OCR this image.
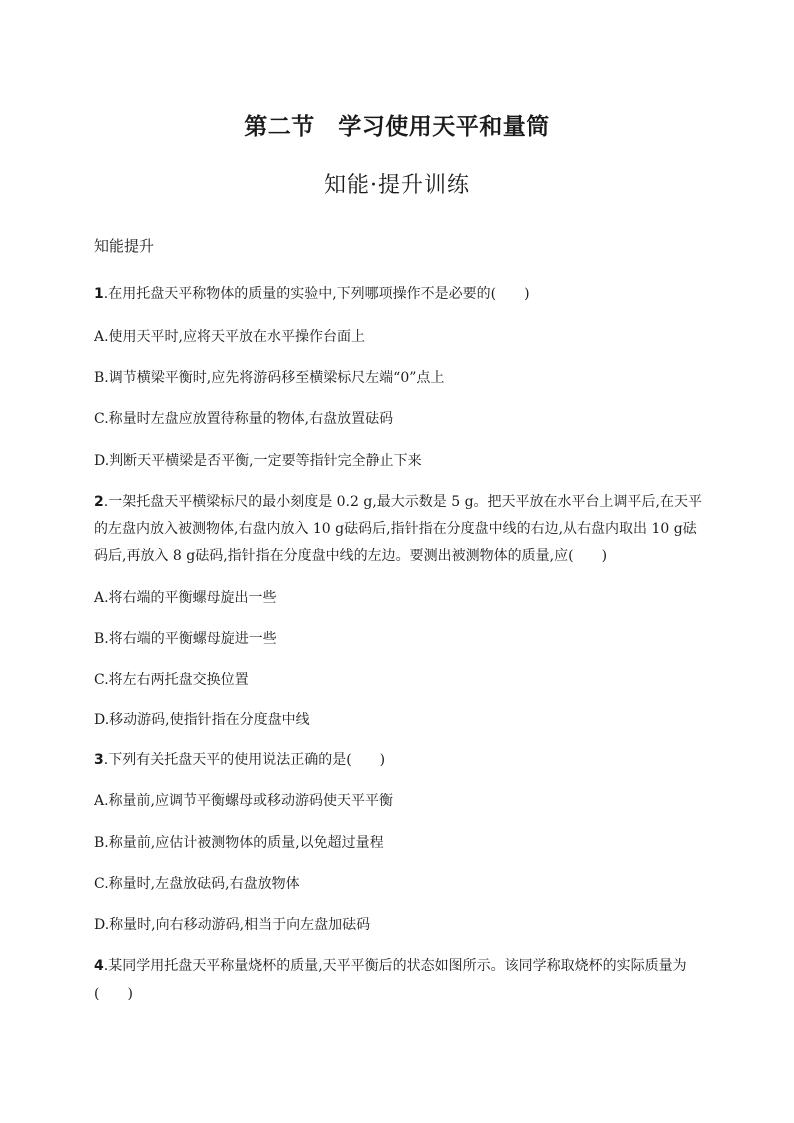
第二节　学习使用天平和量筒
知能·提升训练
知能提升
1.在用托盘天平称物体的质量的实验中,下列哪项操作不是必要的(　　)
A.使用天平时,应将天平放在水平操作台面上
B.调节横梁平衡时,应先将游码移至横梁标尺左端“0”点上
C.称量时左盘应放置待称量的物体,右盘放置砝码
D.判断天平横梁是否平衡,一定要等指针完全静止下来
2.一架托盘天平横梁标尺的最小刻度是 0.2 g,最大示数是 5 g。把天平放在水平台上调平后,在天平
的左盘内放入被测物体,右盘内放入 10 g砝码后,指针指在分度盘中线的右边,从右盘内取出 10 g砝
码后,再放入 8 g砝码,指针指在分度盘中线的左边。要测出被测物体的质量,应(　　)
A.将右端的平衡螺母旋出一些
B.将右端的平衡螺母旋进一些
C.将左右两托盘交换位置
D.移动游码,使指针指在分度盘中线
3.下列有关托盘天平的使用说法正确的是(　　)
A.称量前,应调节平衡螺母或移动游码使天平平衡
B.称量前,应估计被测物体的质量,以免超过量程
C.称量时,左盘放砝码,右盘放物体
D.称量时,向右移动游码,相当于向左盘加砝码
4.某同学用托盘天平称量烧杯的质量,天平平衡后的状态如图所示。该同学称取烧杯的实际质量为
(　　)
